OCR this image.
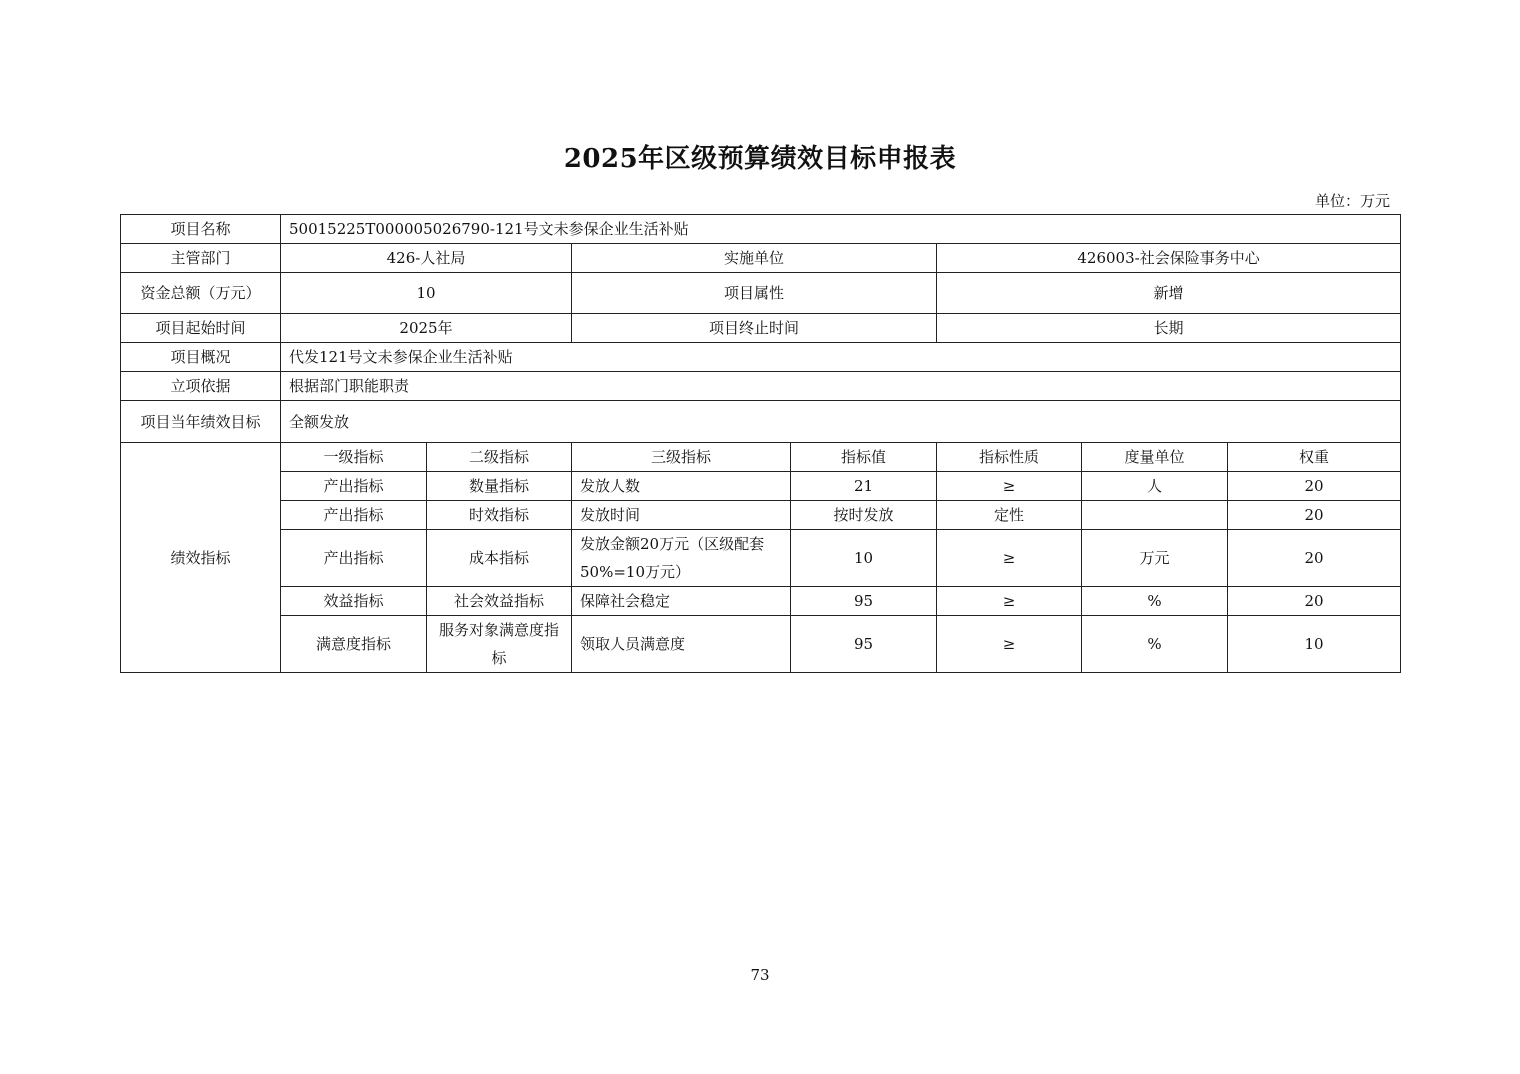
2025年区级预算绩效目标申报表
单位：万元
项目名称	50015225T000005026790-121号文未参保企业生活补贴						
主管部门	426-人社局		实施单位		426003-社会保险事务中心		
资金总额（万元）	10		项目属性		新增		
项目起始时间	2025年		项目终止时间		长期		
项目概况	代发121号文未参保企业生活补贴						
立项依据	根据部门职能职责						
项目当年绩效目标	全额发放						
绩效指标	一级指标	二级指标	三级指标	指标值	指标性质	度量单位	权重
	产出指标	数量指标	发放人数	21	≥	人	20
	产出指标	时效指标	发放时间	按时发放	定性		20
	产出指标	成本指标	发放金额20万元（区级配套50%=10万元）	10	≥	万元	20
	效益指标	社会效益指标	保障社会稳定	95	≥	%	20
	满意度指标	服务对象满意度指标	领取人员满意度	95	≥	%	10
73
